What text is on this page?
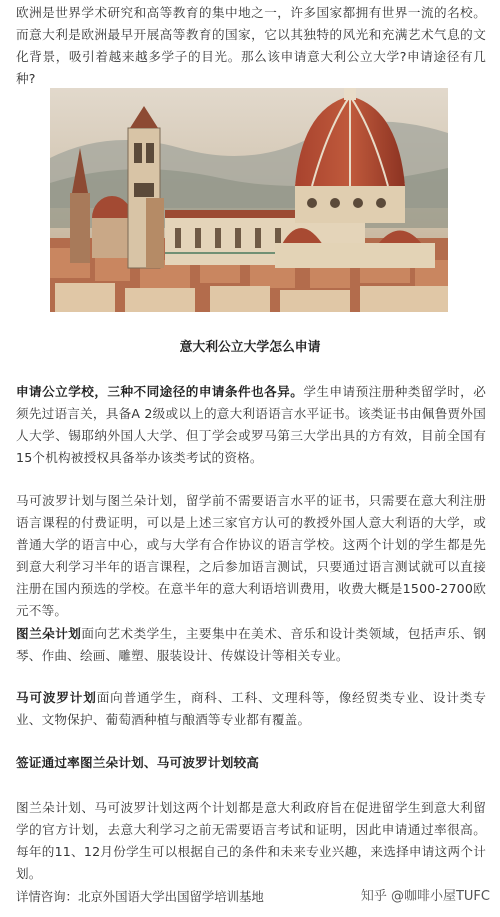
欧洲是世界学术研究和高等教育的集中地之一，许多国家都拥有世界一流的名校。而意大利是欧洲最早开展高等教育的国家，它以其独特的风光和充满艺术气息的文化背景，吸引着越来越多学子的目光。那么该申请意大利公立大学?申请途径有几种?

意大利公立大学怎么申请

申请公立学校，三种不同途径的申请条件也各异。学生申请预注册种类留学时，必须先过语言关，具备A 2级或以上的意大利语语言水平证书。该类证书由佩鲁贾外国人大学、锡耶纳外国人大学、但丁学会或罗马第三大学出具的方有效，目前全国有15个机构被授权具备举办该类考试的资格。

马可波罗计划与图兰朵计划，留学前不需要语言水平的证书，只需要在意大利注册语言课程的付费证明，可以是上述三家官方认可的教授外国人意大利语的大学，或普通大学的语言中心，或与大学有合作协议的语言学校。这两个计划的学生都是先到意大利学习半年的语言课程，之后参加语言测试，只要通过语言测试就可以直接注册在国内预选的学校。在意半年的意大利语培训费用，收费大概是1500-2700欧元不等。

图兰朵计划面向艺术类学生，主要集中在美术、音乐和设计类领域，包括声乐、钢琴、作曲、绘画、雕塑、服装设计、传媒设计等相关专业。

马可波罗计划面向普通学生，商科、工科、文理科等，像经贸类专业、设计类专业、文物保护、葡萄酒种植与酿酒等专业都有覆盖。

签证通过率图兰朵计划、马可波罗计划较高

图兰朵计划、马可波罗计划这两个计划都是意大利政府旨在促进留学生到意大利留学的官方计划，去意大利学习之前无需要语言考试和证明，因此申请通过率很高。每年的11、12月份学生可以根据自己的条件和未来专业兴趣，来选择申请这两个计划。

详情咨询：北京外国语大学出国留学培训基地	知乎 @咖啡小屋TUFC
